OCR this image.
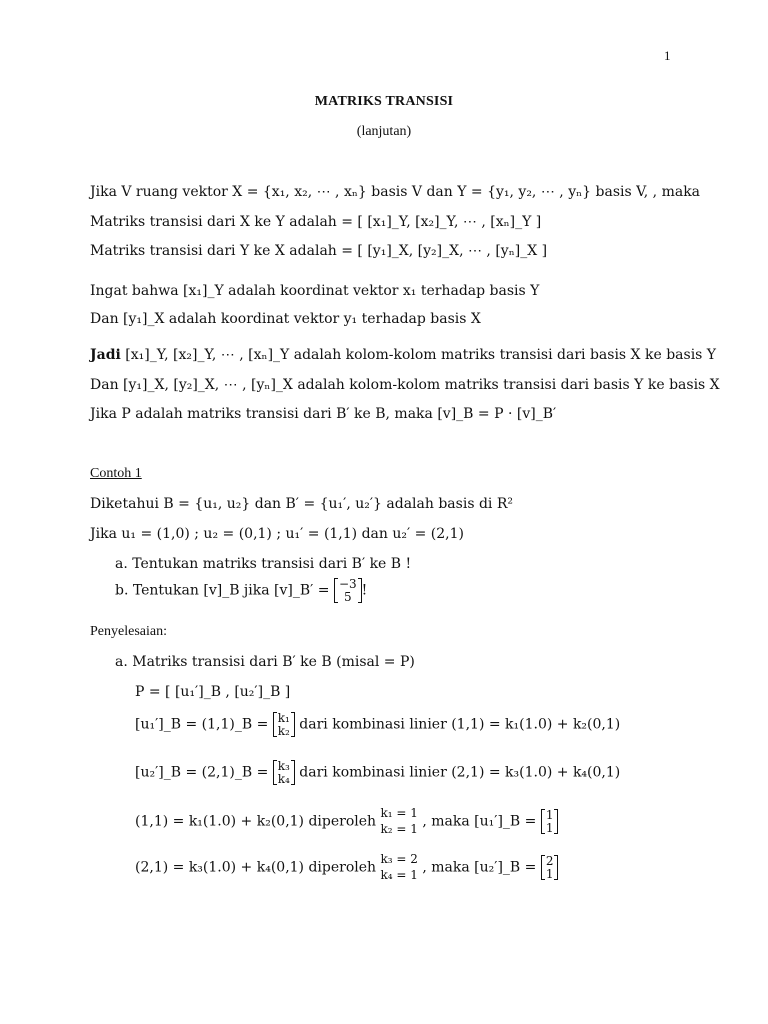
1
MATRIKS TRANSISI
(lanjutan)
Jika V ruang vektor X = {x₁, x₂, ⋯ , xₙ} basis V dan Y = {y₁, y₂, ⋯ , yₙ} basis V, , maka
Matriks transisi dari X ke Y adalah = [ [x₁]_Y, [x₂]_Y, ⋯ , [xₙ]_Y ]
Matriks transisi dari Y ke X adalah = [ [y₁]_X, [y₂]_X, ⋯ , [yₙ]_X ]
Ingat bahwa [x₁]_Y adalah koordinat vektor x₁ terhadap basis Y
Dan [y₁]_X adalah koordinat vektor y₁ terhadap basis X
Jadi [x₁]_Y, [x₂]_Y, ⋯ , [xₙ]_Y adalah kolom-kolom matriks transisi dari basis X ke basis Y
Dan [y₁]_X, [y₂]_X, ⋯ , [yₙ]_X adalah kolom-kolom matriks transisi dari basis Y ke basis X
Jika P adalah matriks transisi dari B′ ke B, maka [v]_B = P · [v]_B′
Contoh 1
Diketahui B = {u₁, u₂} dan B′ = {u₁′, u₂′} adalah basis di R²
Jika u₁ = (1,0) ; u₂ = (0,1) ; u₁′ = (1,1) dan u₂′ = (2,1)
a. Tentukan matriks transisi dari B′ ke B !
b. Tentukan [v]_B jika [v]_B′ = −3
5 !
Penyelesaian:
a. Matriks transisi dari B′ ke B (misal = P)
P = [ [u₁′]_B , [u₂′]_B ]
[u₁′]_B = (1,1)_B = k₁
k₂ dari kombinasi linier (1,1) = k₁(1.0) + k₂(0,1)
[u₂′]_B = (2,1)_B = k₃
k₄ dari kombinasi linier (2,1) = k₃(1.0) + k₄(0,1)
(1,1) = k₁(1.0) + k₂(0,1) diperoleh
k₁ = 1
k₂ = 1 , maka [u₁′]_B = 1
1
(2,1) = k₃(1.0) + k₄(0,1) diperoleh
k₃ = 2
k₄ = 1 , maka [u₂′]_B = 2
1
